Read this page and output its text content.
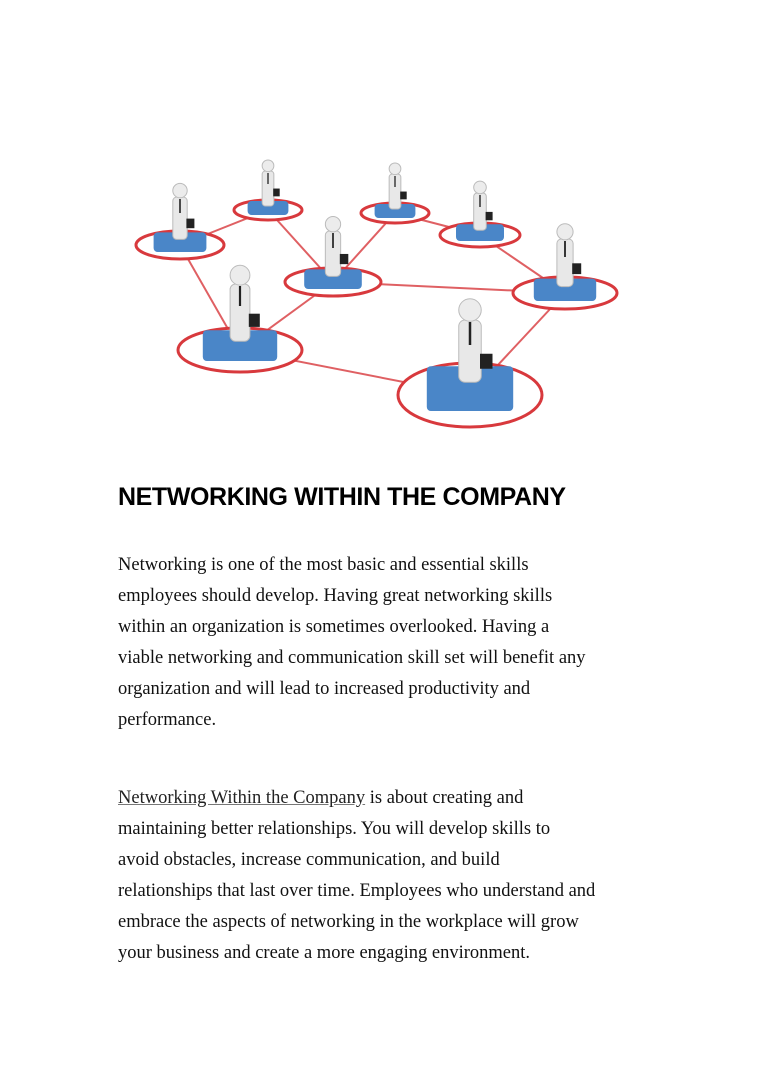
NETWORKING WITHIN THE COMPANY
Networking is one of the most basic and essential skills
employees should develop. Having great networking skills
within an organization is sometimes overlooked. Having a
viable networking and communication skill set will benefit any
organization and will lead to increased productivity and
performance.
Networking Within the Company is about creating and
maintaining better relationships. You will develop skills to
avoid obstacles, increase communication, and build
relationships that last over time. Employees who understand and
embrace the aspects of networking in the workplace will grow
your business and create a more engaging environment.
